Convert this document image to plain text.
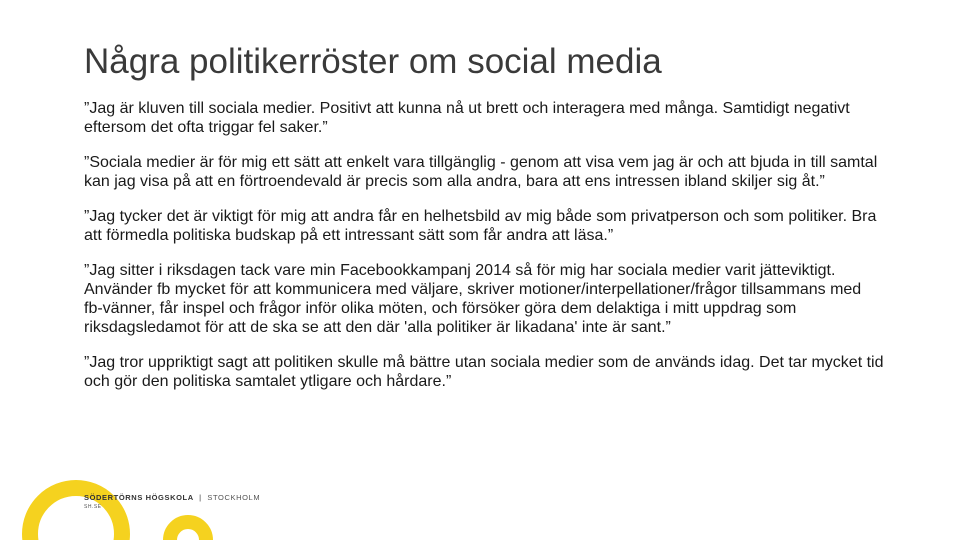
Några politikerröster om social media

”Jag är kluven till sociala medier. Positivt att kunna nå ut brett och interagera med många. Samtidigt negativt eftersom det ofta triggar fel saker.”

”Sociala medier är för mig ett sätt att enkelt vara tillgänglig - genom att visa vem jag är och att bjuda in till samtal kan jag visa på att en förtroendevald är precis som alla andra, bara att ens intressen ibland skiljer sig åt.”

”Jag tycker det är viktigt för mig att andra får en helhetsbild av mig både som privatperson och som politiker. Bra att förmedla politiska budskap på ett intressant sätt som får andra att läsa.”

”Jag sitter i riksdagen tack vare min Facebookkampanj 2014 så för mig har sociala medier varit jätteviktigt. Använder fb mycket för att kommunicera med väljare, skriver motioner/interpellationer/frågor tillsammans med fb-vänner, får inspel och frågor inför olika möten, och försöker göra dem delaktiga i mitt uppdrag som riksdagsledamot för att de ska se att den där 'alla politiker är likadana' inte är sant.”

”Jag tror uppriktigt sagt att politiken skulle må bättre utan sociala medier som de används idag. Det tar mycket tid och gör den politiska samtalet ytligare och hårdare.”

SÖDERTÖRNS HÖGSKOLA | STOCKHOLM
SH.SE
